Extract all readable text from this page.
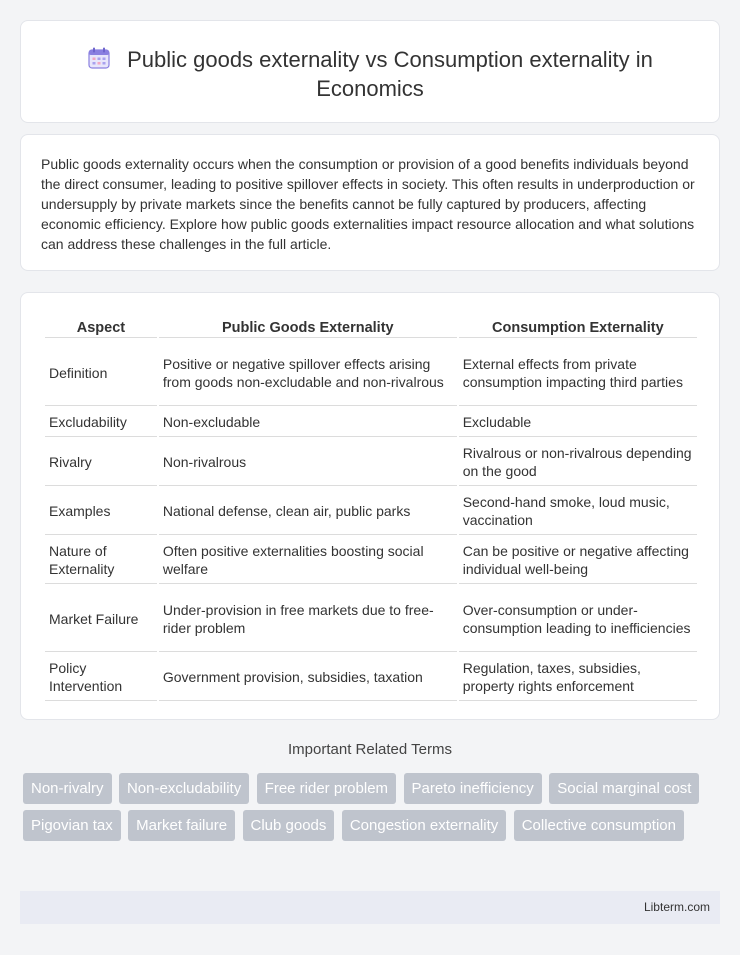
Public goods externality vs Consumption externality in Economics

Public goods externality occurs when the consumption or provision of a good benefits individuals beyond the direct consumer, leading to positive spillover effects in society. This often results in underproduction or undersupply by private markets since the benefits cannot be fully captured by producers, affecting economic efficiency. Explore how public goods externalities impact resource allocation and what solutions can address these challenges in the full article.

Aspect	Public Goods Externality	Consumption Externality
Definition	Positive or negative spillover effects arising from goods non-excludable and non-rivalrous	External effects from private consumption impacting third parties
Excludability	Non-excludable	Excludable
Rivalry	Non-rivalrous	Rivalrous or non-rivalrous depending on the good
Examples	National defense, clean air, public parks	Second-hand smoke, loud music, vaccination
Nature of Externality	Often positive externalities boosting social welfare	Can be positive or negative affecting individual well-being
Market Failure	Under-provision in free markets due to free-rider problem	Over-consumption or under-consumption leading to inefficiencies
Policy Intervention	Government provision, subsidies, taxation	Regulation, taxes, subsidies, property rights enforcement
Important Related Terms
Non-rivalry Non-excludability Free rider problem Pareto inefficiency Social marginal cost Pigovian tax Market failure Club goods Congestion externality Collective consumption
Libterm.com
